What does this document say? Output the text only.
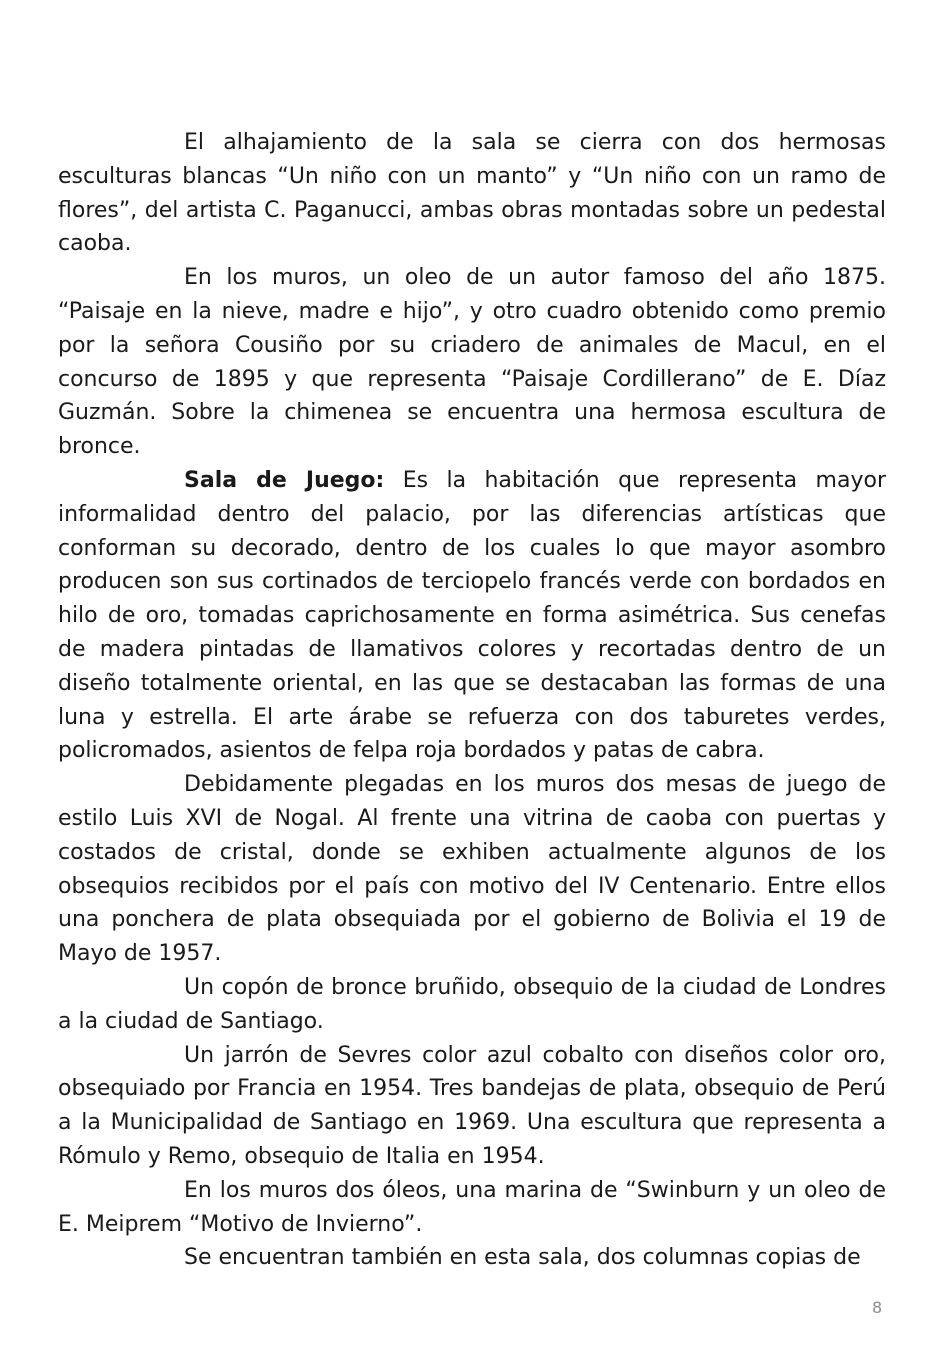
El alhajamiento de la sala se cierra con dos hermosas esculturas blancas “Un niño con un manto” y “Un niño con un ramo de flores”, del artista C. Paganucci, ambas obras montadas sobre un pedestal caoba.

En los muros, un oleo de un autor famoso del año 1875. “Paisaje en la nieve, madre e hijo”, y otro cuadro obtenido como premio por la señora Cousiño por su criadero de animales de Macul, en el concurso de 1895 y que representa “Paisaje Cordillerano” de E. Díaz Guzmán. Sobre la chimenea se encuentra una hermosa escultura de bronce.

Sala de Juego: Es la habitación que representa mayor informalidad dentro del palacio, por las diferencias artísticas que conforman su decorado, dentro de los cuales lo que mayor asombro producen son sus cortinados de terciopelo francés verde con bordados en hilo de oro, tomadas caprichosamente en forma asimétrica. Sus cenefas de madera pintadas de llamativos colores y recortadas dentro de un diseño totalmente oriental, en las que se destacaban las formas de una luna y estrella. El arte árabe se refuerza con dos taburetes verdes, policromados, asientos de felpa roja bordados y patas de cabra.

Debidamente plegadas en los muros dos mesas de juego de estilo Luis XVI de Nogal. Al frente una vitrina de caoba con puertas y costados de cristal, donde se exhiben actualmente algunos de los obsequios recibidos por el país con motivo del IV Centenario. Entre ellos una ponchera de plata obsequiada por el gobierno de Bolivia el 19 de Mayo de 1957.

Un copón de bronce bruñido, obsequio de la ciudad de Londres a la ciudad de Santiago.

Un jarrón de Sevres color azul cobalto con diseños color oro, obsequiado por Francia en 1954. Tres bandejas de plata, obsequio de Perú a la Municipalidad de Santiago en 1969. Una escultura que representa a Rómulo y Remo, obsequio de Italia en 1954.

En los muros dos óleos, una marina de “Swinburn y un oleo de E. Meiprem “Motivo de Invierno”.

Se encuentran también en esta sala, dos columnas copias de

8
